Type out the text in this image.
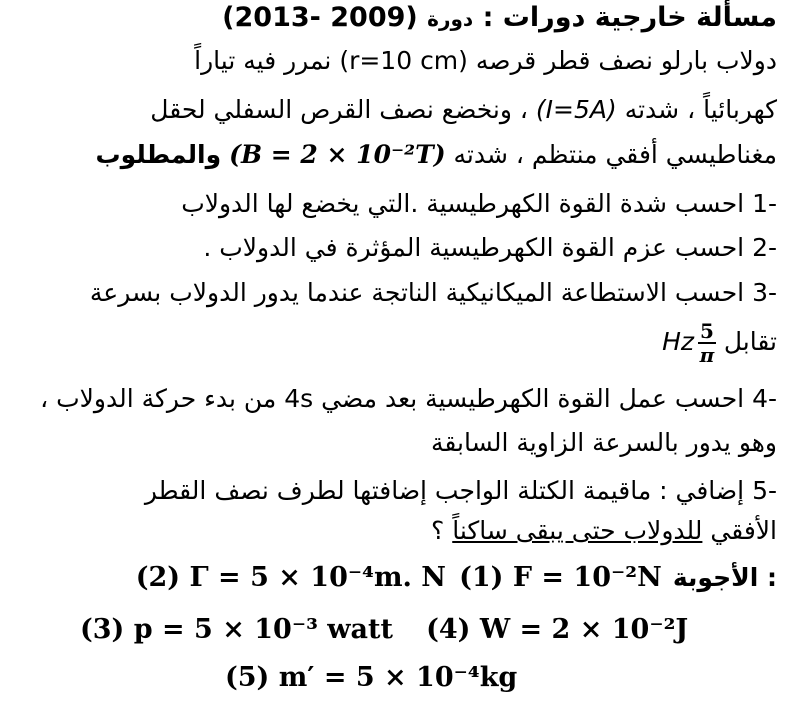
مسألة خارجية دورات : دورة (2013- 2009)
دولاب بارلو نصف قطر قرصه (r=10 cm) نمرر فيه تياراً
كهربائياً ، شدته (I=5A) ، ونخضع نصف القرص السفلي لحقل
مغناطيسي أفقي منتظم ، شدته (B = 2 × 10⁻²T) والمطلوب
-1 احسب شدة القوة الكهرطيسية .التي يخضع لها الدولاب
-2 احسب عزم القوة الكهرطيسية المؤثرة في الدولاب .
-3 احسب الاستطاعة الميكانيكية الناتجة عندما يدور الدولاب بسرعة
تقابل
$\frac{5}{\pi}$
Hz
-4 احسب عمل القوة الكهرطيسية بعد مضي 4s من بدء حركة الدولاب ،
وهو يدور بالسرعة الزاوية السابقة
-5 إضافي : ماقيمة الكتلة الواجب إضافتها لطرف نصف القطر
الأفقي للدولاب حتى يبقى ساكناً ؟
(2) Γ = 5 × 10⁻⁴m. N (1) F = 10⁻²N الأجوبة :
(3) p = 5 × 10⁻³ watt (4) W = 2 × 10⁻²J
(5) m′ = 5 × 10⁻⁴kg
